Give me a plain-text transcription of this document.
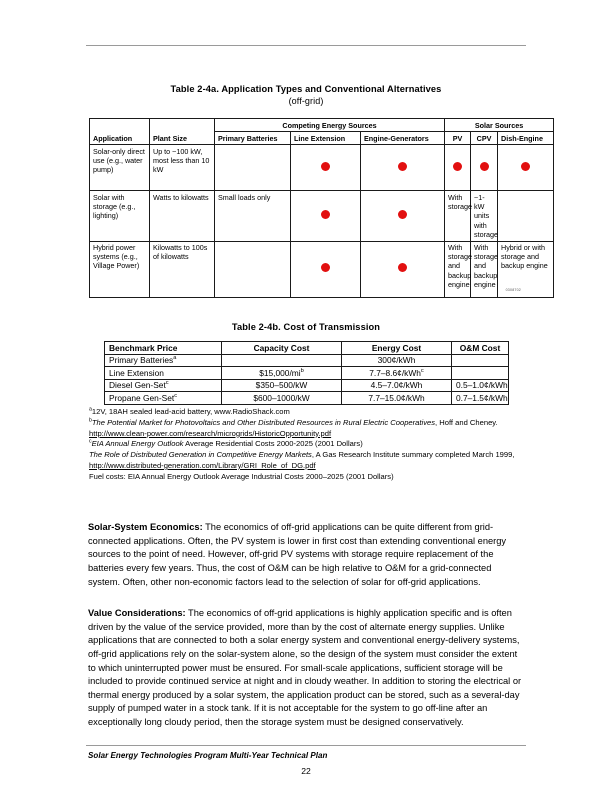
Table 2-4a. Application Types and Conventional Alternatives
(off-grid)
		Competing Energy Sources			Solar Sources		
Application	Plant Size	Primary Batteries	Line Extension	Engine-Generators	PV	CPV	Dish-Engine
Solar-only direct use (e.g., water pump)	Up to ~100 kW, most less than 10 kW						
Solar with storage (e.g., lighting)	Watts to kilowatts	Small loads only			With storage	~1-kW units with storage	
Hybrid power systems (e.g., Village Power)	Kilowatts to 100s of kilowatts				With storage and backup engine	With storage and backup engine	Hybrid or with storage and backup engine
0308702
Table 2-4b. Cost of Transmission
Benchmark Price	Capacity Cost	Energy Cost	O&M Cost
Primary Batteries$^a$		300¢/kWh	
Line Extension	$\$15,000/mi^b$	7.7–8.6¢/kWh$^c$	
Diesel Gen-Set$^c$	$350–500/kW	4.5–7.0¢/kWh	0.5–1.0¢/kWh
Propane Gen-Set$^c$	$600–1000/kW	7.7–15.0¢/kWh	0.7–1.5¢/kWh
$^a$12V, 18AH sealed lead-acid battery, www.RadioShack.com
$^b$The Potential Market for Photovoltaics and Other Distributed Resources in Rural Electric Cooperatives, Hoff and Cheney. http://www.clean-power.com/research/microgrids/HistoricOpportunity.pdf
$^c$EIA Annual Energy Outlook Average Residential Costs 2000-2025 (2001 Dollars)
The Role of Distributed Generation in Competitive Energy Markets, A Gas Research Institute summary completed March 1999, http://www.distributed-generation.com/Library/GRI_Role_of_DG.pdf
Fuel costs: EIA Annual Energy Outlook Average Industrial Costs 2000–2025 (2001 Dollars)

Solar-System Economics: The economics of off-grid applications can be quite different from grid-connected applications. Often, the PV system is lower in first cost than extending conventional energy sources to the point of need. However, off-grid PV systems with storage require replacement of the batteries every few years. Thus, the cost of O&M can be high relative to O&M for a grid-connected system. Often, other non-economic factors lead to the selection of solar for off-grid applications.

Value Considerations: The economics of off-grid applications is highly application specific and is often driven by the value of the service provided, more than by the cost of alternate energy supplies. Unlike applications that are connected to both a solar energy system and conventional energy-delivery systems, off-grid applications rely on the solar-system alone, so the design of the system must consider the extent to which uninterrupted power must be ensured. For small-scale applications, sufficient storage will be included to provide continued service at night and in cloudy weather. In addition to storing the electrical or thermal energy produced by a solar system, the application product can be stored, such as a several-day supply of pumped water in a stock tank. If it is not acceptable for the system to go off-line after an exceptionally long cloudy period, then the storage system must be designed conservatively.

Solar Energy Technologies Program Multi-Year Technical Plan
22
